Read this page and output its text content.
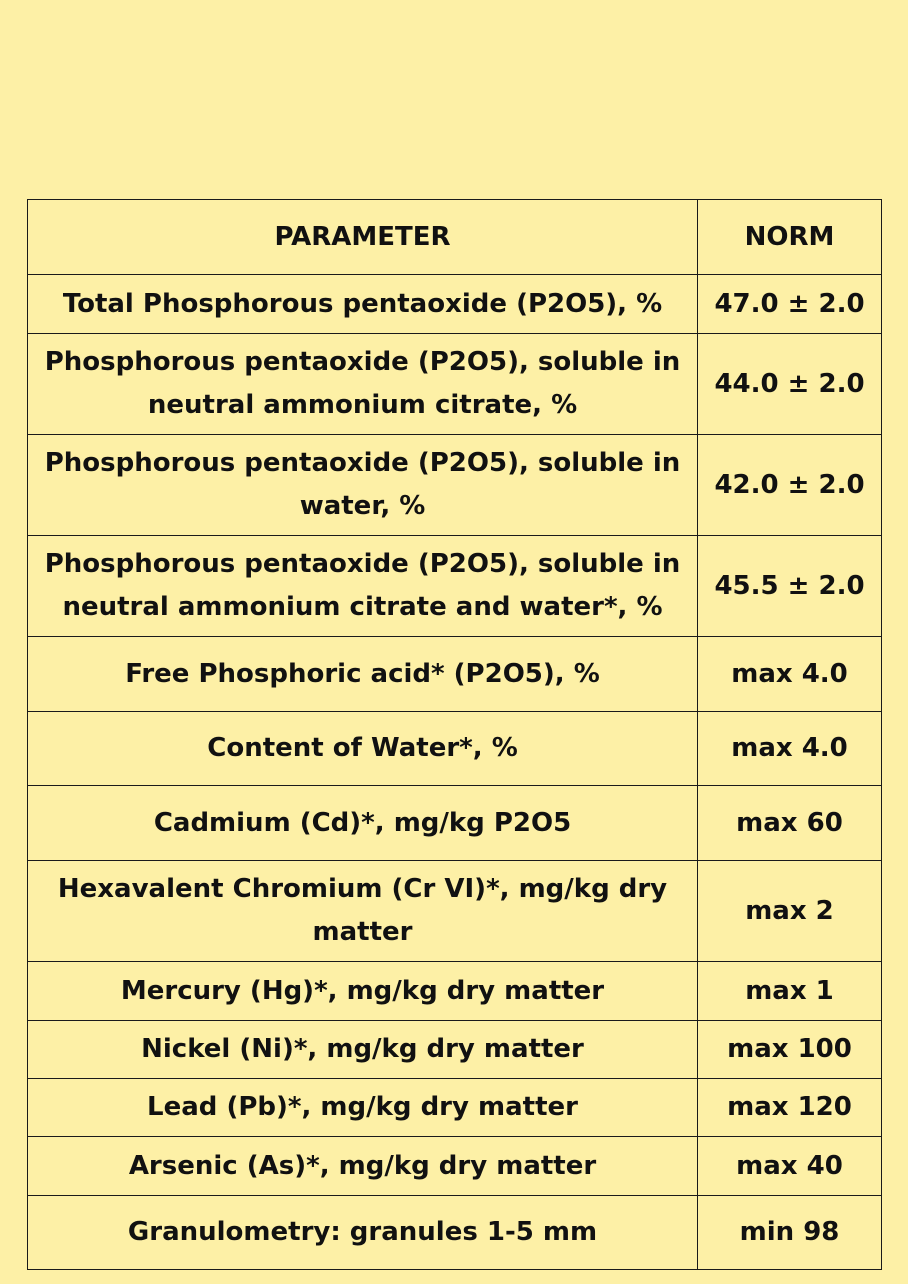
PARAMETER	NORM
Total Phosphorous pentaoxide (P2O5), %	47.0 ± 2.0
Phosphorous pentaoxide (P2O5), soluble in neutral ammonium citrate, %	44.0 ± 2.0
Phosphorous pentaoxide (P2O5), soluble in water, %	42.0 ± 2.0
Phosphorous pentaoxide (P2O5), soluble in neutral ammonium citrate and water*, %	45.5 ± 2.0
Free Phosphoric acid* (P2O5), %	max 4.0
Content of Water*, %	max 4.0
Cadmium (Cd)*, mg/kg P2O5	max 60
Hexavalent Chromium (Cr VI)*, mg/kg dry matter	max 2
Mercury (Hg)*, mg/kg dry matter	max 1
Nickel (Ni)*, mg/kg dry matter	max 100
Lead (Pb)*, mg/kg dry matter	max 120
Arsenic (As)*, mg/kg dry matter	max 40
Granulometry: granules 1-5 mm	min 98
